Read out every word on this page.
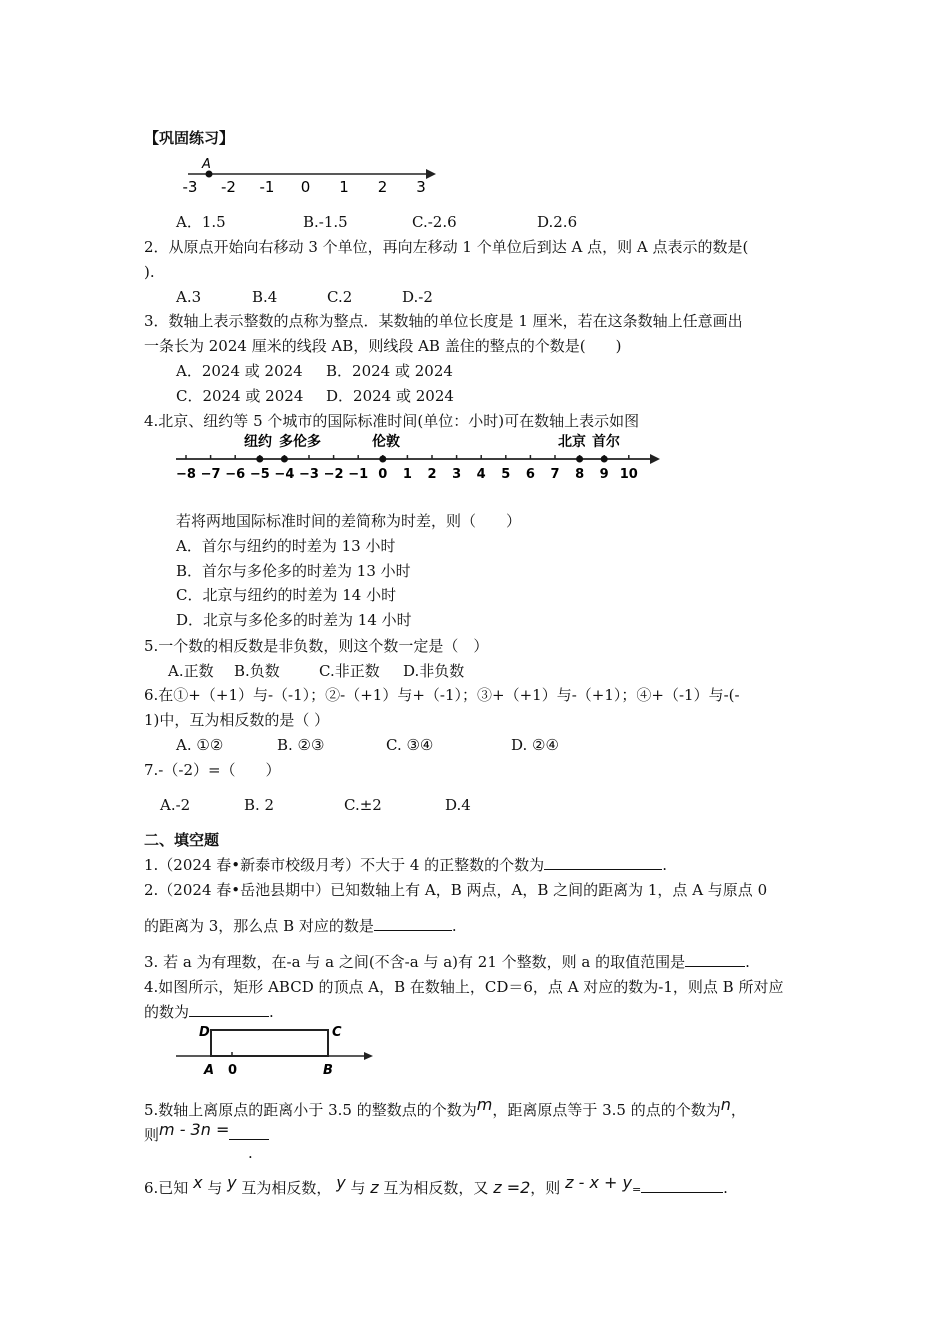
【巩固练习】
A
-3 -2 -1 0 1 2 3
A．1.5	B.-1.5	C.-2.6	D.2.6
2．从原点开始向右移动 3 个单位，再向左移动 1 个单位后到达 A 点，则 A 点表示的数是(
).
A.3	B.4	C.2	D.-2
3．数轴上表示整数的点称为整点．某数轴的单位长度是 1 厘米，若在这条数轴上任意画出
一条长为 2024 厘米的线段 AB，则线段 AB 盖住的整点的个数是(　　)
A．2024 或 2024 B．2024 或 2024
C．2024 或 2024 D．2024 或 2024
4.北京、纽约等 5 个城市的国际标准时间(单位：小时)可在数轴上表示如图
纽约 多伦多	伦敦	北京 首尔
−8 −7 −6 −5 −4 −3 −2 −1 0 1 2 3 4 5 6 7 8 9 10
若将两地国际标准时间的差简称为时差，则（　　）
A．首尔与纽约的时差为 13 小时
B．首尔与多伦多的时差为 13 小时
C．北京与纽约的时差为 14 小时
D．北京与多伦多的时差为 14 小时
5.一个数的相反数是非负数，则这个数一定是（　）
A.正数 B.负数	C.非正数 D.非负数
6.在①+（+1）与-（-1）；②-（+1）与+（-1）；③+（+1）与-（+1）；④+（-1）与-(-
1)中，互为相反数的是（ ）
A. ①②	B. ②③	C. ③④	D. ②④
7.-（-2）=（　　）
A.-2	B. 2	C.±2	D.4
二、填空题
1.（2024 春•新泰市校级月考）不大于 4 的正整数的个数为	.
2.（2024 春•岳池县期中）已知数轴上有 A，B 两点，A，B 之间的距离为 1，点 A 与原点 0
的距离为 3，那么点 B 对应的数是	.
3. 若 a 为有理数，在-a 与 a 之间(不含-a 与 a)有 21 个整数，则 a 的取值范围是	.
4.如图所示，矩形 ABCD 的顶点 A，B 在数轴上，CD＝6，点 A 对应的数为-1，则点 B 所对应
的数为	.
D	C
A 0	B
5.数轴上离原点的距离小于 3.5 的整数点的个数为m，距离原点等于 3.5 的点的个数为n，
则m - 3n =
.
6.已知 x 与 y 互为相反数， y 与 z 互为相反数，又 z =2，则 z - x + y=	.
